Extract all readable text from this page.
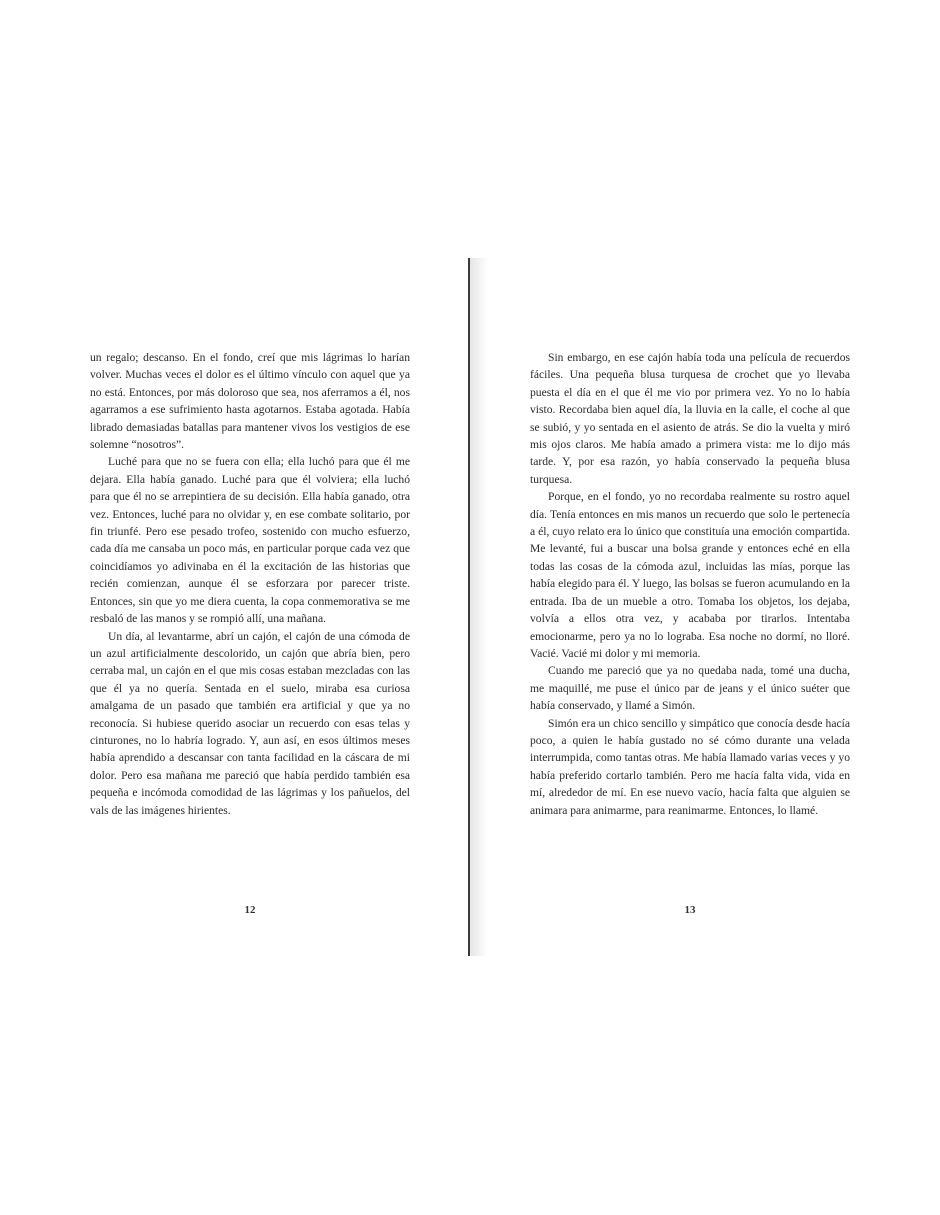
un regalo; descanso. En el fondo, creí que mis lágrimas lo harían volver. Muchas veces el dolor es el último vínculo con aquel que ya no está. Entonces, por más doloroso que sea, nos aferramos a él, nos agarramos a ese sufrimiento hasta agotarnos. Estaba agotada. Había librado demasiadas batallas para mantener vivos los vestigios de ese solemne “nosotros”.

Luché para que no se fuera con ella; ella luchó para que él me dejara. Ella había ganado. Luché para que él volviera; ella luchó para que él no se arrepintiera de su decisión. Ella había ganado, otra vez. Entonces, luché para no olvidar y, en ese combate solitario, por fin triunfé. Pero ese pesado trofeo, sostenido con mucho esfuerzo, cada día me cansaba un poco más, en particular porque cada vez que coincidíamos yo adivinaba en él la excitación de las historias que recién comienzan, aunque él se esforzara por parecer triste. Entonces, sin que yo me diera cuenta, la copa conmemorativa se me resbaló de las manos y se rompió allí, una mañana.

Un día, al levantarme, abrí un cajón, el cajón de una cómoda de un azul artificialmente descolorido, un cajón que abría bien, pero cerraba mal, un cajón en el que mis cosas estaban mezcladas con las que él ya no quería. Sentada en el suelo, miraba esa curiosa amalgama de un pasado que también era artificial y que ya no reconocía. Si hubiese querido asociar un recuerdo con esas telas y cinturones, no lo habría logrado. Y, aun así, en esos últimos meses había aprendido a descansar con tanta facilidad en la cáscara de mi dolor. Pero esa mañana me pareció que había perdido también esa pequeña e incómoda comodidad de las lágrimas y los pañuelos, del vals de las imágenes hirientes.

12

Sin embargo, en ese cajón había toda una película de recuerdos fáciles. Una pequeña blusa turquesa de crochet que yo llevaba puesta el día en el que él me vio por primera vez. Yo no lo había visto. Recordaba bien aquel día, la lluvia en la calle, el coche al que se subió, y yo sentada en el asiento de atrás. Se dio la vuelta y miró mis ojos claros. Me había amado a primera vista: me lo dijo más tarde. Y, por esa razón, yo había conservado la pequeña blusa turquesa.

Porque, en el fondo, yo no recordaba realmente su rostro aquel día. Tenía entonces en mis manos un recuerdo que solo le pertenecía a él, cuyo relato era lo único que constituía una emoción compartida. Me levanté, fui a buscar una bolsa grande y entonces eché en ella todas las cosas de la cómoda azul, incluidas las mías, porque las había elegido para él. Y luego, las bolsas se fueron acumulando en la entrada. Iba de un mueble a otro. Tomaba los objetos, los dejaba, volvía a ellos otra vez, y acababa por tirarlos. Intentaba emocionarme, pero ya no lo lograba. Esa noche no dormí, no lloré. Vacié. Vacié mi dolor y mi memoria.

Cuando me pareció que ya no quedaba nada, tomé una ducha, me maquillé, me puse el único par de jeans y el único suéter que había conservado, y llamé a Simón.

Simón era un chico sencillo y simpático que conocía desde hacía poco, a quien le había gustado no sé cómo durante una velada interrumpida, como tantas otras. Me había llamado varias veces y yo había preferido cortarlo también. Pero me hacía falta vida, vida en mí, alrededor de mí. En ese nuevo vacío, hacía falta que alguien se animara para animarme, para reanimarme. Entonces, lo llamé.

13
